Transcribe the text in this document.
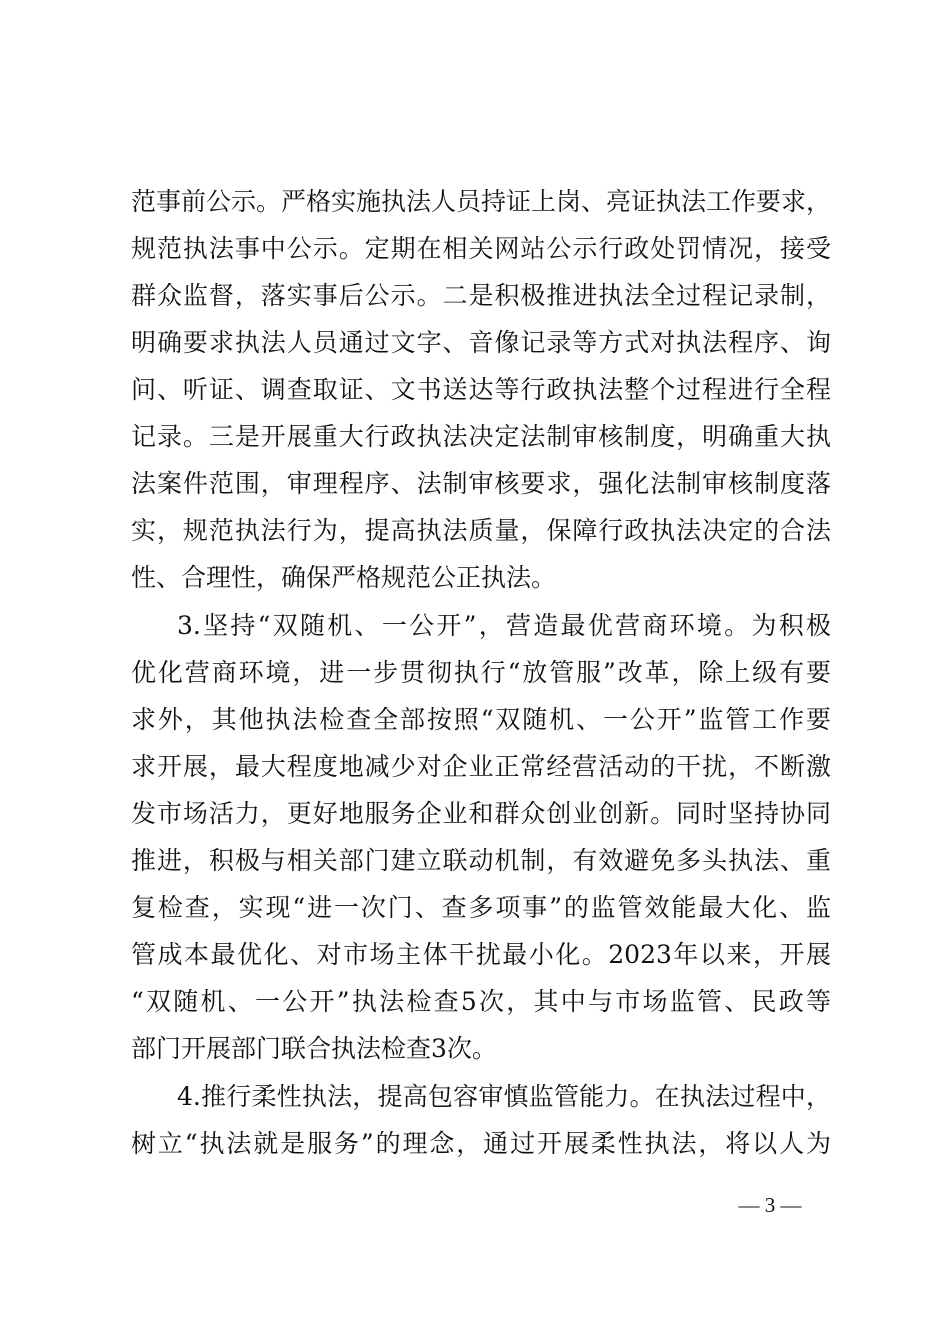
范事前公示。严格实施执法人员持证上岗、亮证执法工作要求，
规范执法事中公示。定期在相关网站公示行政处罚情况，接受
群众监督，落实事后公示。二是积极推进执法全过程记录制，
明确要求执法人员通过文字、音像记录等方式对执法程序、询
问、听证、调查取证、文书送达等行政执法整个过程进行全程
记录。三是开展重大行政执法决定法制审核制度，明确重大执
法案件范围，审理程序、法制审核要求，强化法制审核制度落
实，规范执法行为，提高执法质量，保障行政执法决定的合法
性、合理性，确保严格规范公正执法。
3.坚持“双随机、一公开”，营造最优营商环境。为积极
优化营商环境，进一步贯彻执行“放管服”改革，除上级有要
求外，其他执法检查全部按照“双随机、一公开”监管工作要
求开展，最大程度地减少对企业正常经营活动的干扰，不断激
发市场活力，更好地服务企业和群众创业创新。同时坚持协同
推进，积极与相关部门建立联动机制，有效避免多头执法、重
复检查，实现“进一次门、查多项事”的监管效能最大化、监
管成本最优化、对市场主体干扰最小化。2023年以来，开展
“双随机、一公开”执法检查5次，其中与市场监管、民政等
部门开展部门联合执法检查3次。
4.推行柔性执法，提高包容审慎监管能力。在执法过程中，
树立“执法就是服务”的理念，通过开展柔性执法，将以人为
— 3 —
